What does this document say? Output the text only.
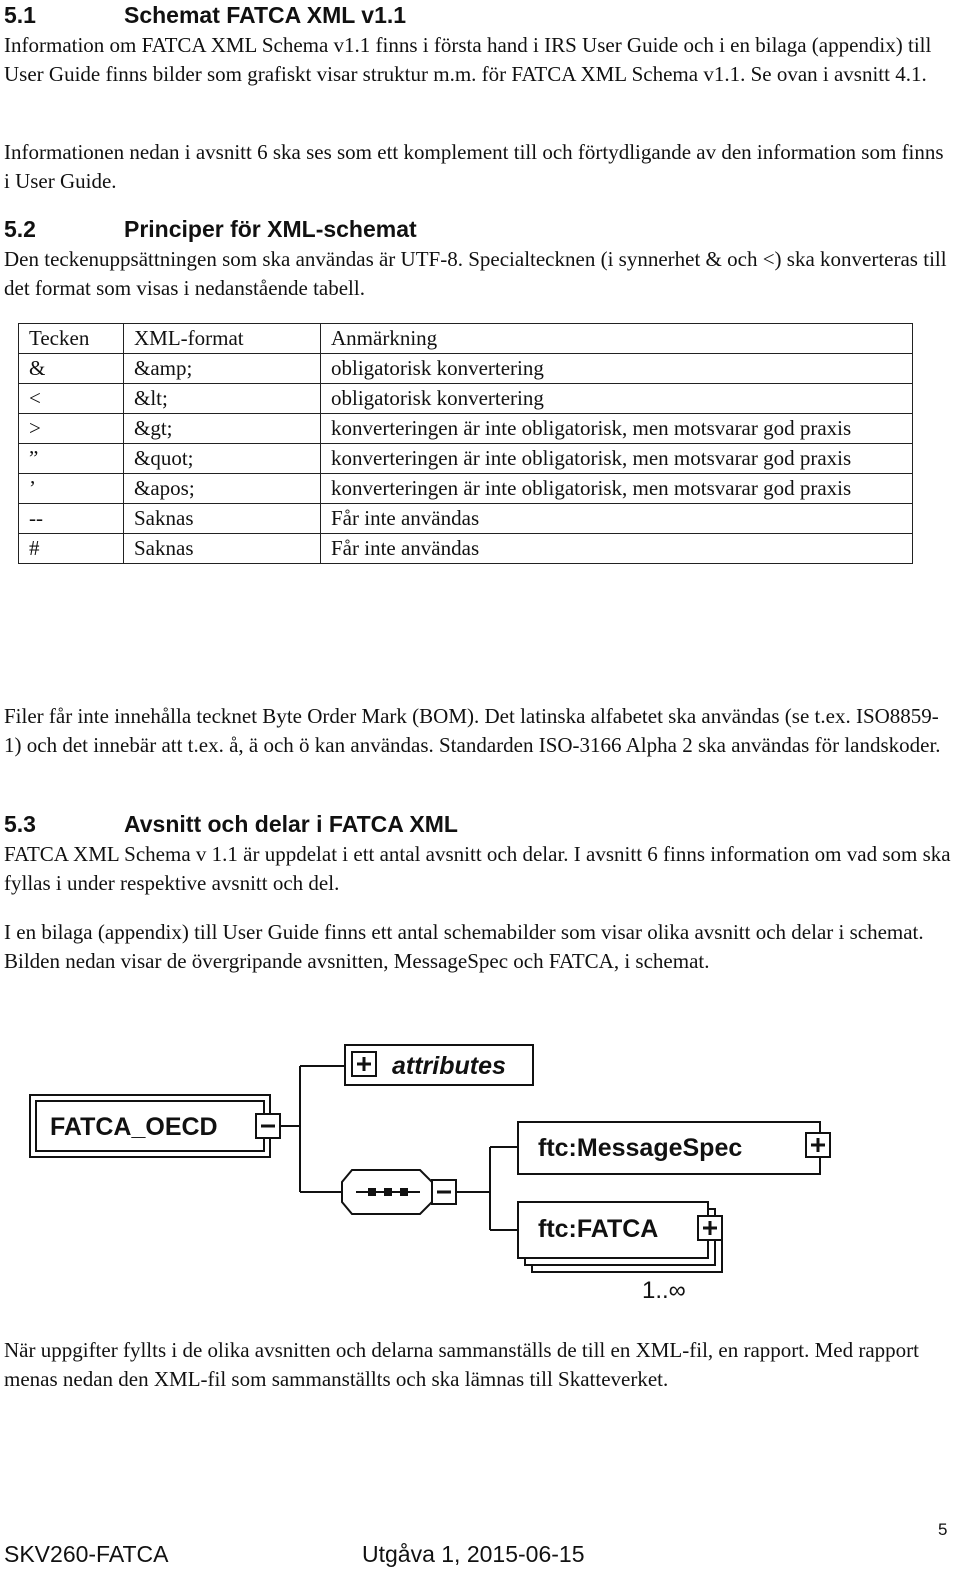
5.1	Schemat FATCA XML v1.1
Information om FATCA XML Schema v1.1 finns i första hand i IRS User Guide och i en bilaga (appendix) till User Guide finns bilder som grafiskt visar struktur m.m. för FATCA XML Schema v1.1. Se ovan i avsnitt 4.1.
Informationen nedan i avsnitt 6 ska ses som ett komplement till och förtydligande av den information som finns i User Guide.
5.2	Principer för XML-schemat
Den teckenuppsättningen som ska användas är UTF-8. Specialtecknen (i synnerhet & och <) ska konverteras till det format som visas i nedanstående tabell.
Tecken	XML-format	Anmärkning
&	&amp;	obligatorisk konvertering
<	&lt;	obligatorisk konvertering
>	&gt;	konverteringen är inte obligatorisk, men motsvarar god praxis
”	&quot;	konverteringen är inte obligatorisk, men motsvarar god praxis
’	&apos;	konverteringen är inte obligatorisk, men motsvarar god praxis
--	Saknas	Får inte användas
#	Saknas	Får inte användas
Filer får inte innehålla tecknet Byte Order Mark (BOM). Det latinska alfabetet ska användas (se t.ex. ISO8859-1) och det innebär att t.ex. å, ä och ö kan användas. Standarden ISO-3166 Alpha 2 ska användas för landskoder.
5.3	Avsnitt och delar i FATCA XML
FATCA XML Schema v 1.1 är uppdelat i ett antal avsnitt och delar. I avsnitt 6 finns information om vad som ska fyllas i under respektive avsnitt och del.
I en bilaga (appendix) till User Guide finns ett antal schemabilder som visar olika avsnitt och delar i schemat. Bilden nedan visar de övergripande avsnitten, MessageSpec och FATCA, i schemat.
attributes
FATCA_OECD
ftc:MessageSpec
ftc:FATCA
1..∞
När uppgifter fyllts i de olika avsnitten och delarna sammanställs de till en XML-fil, en rapport. Med rapport menas nedan den XML-fil som sammanställts och ska lämnas till Skatteverket.
SKV260-FATCA	Utgåva 1, 2015-06-15
5
